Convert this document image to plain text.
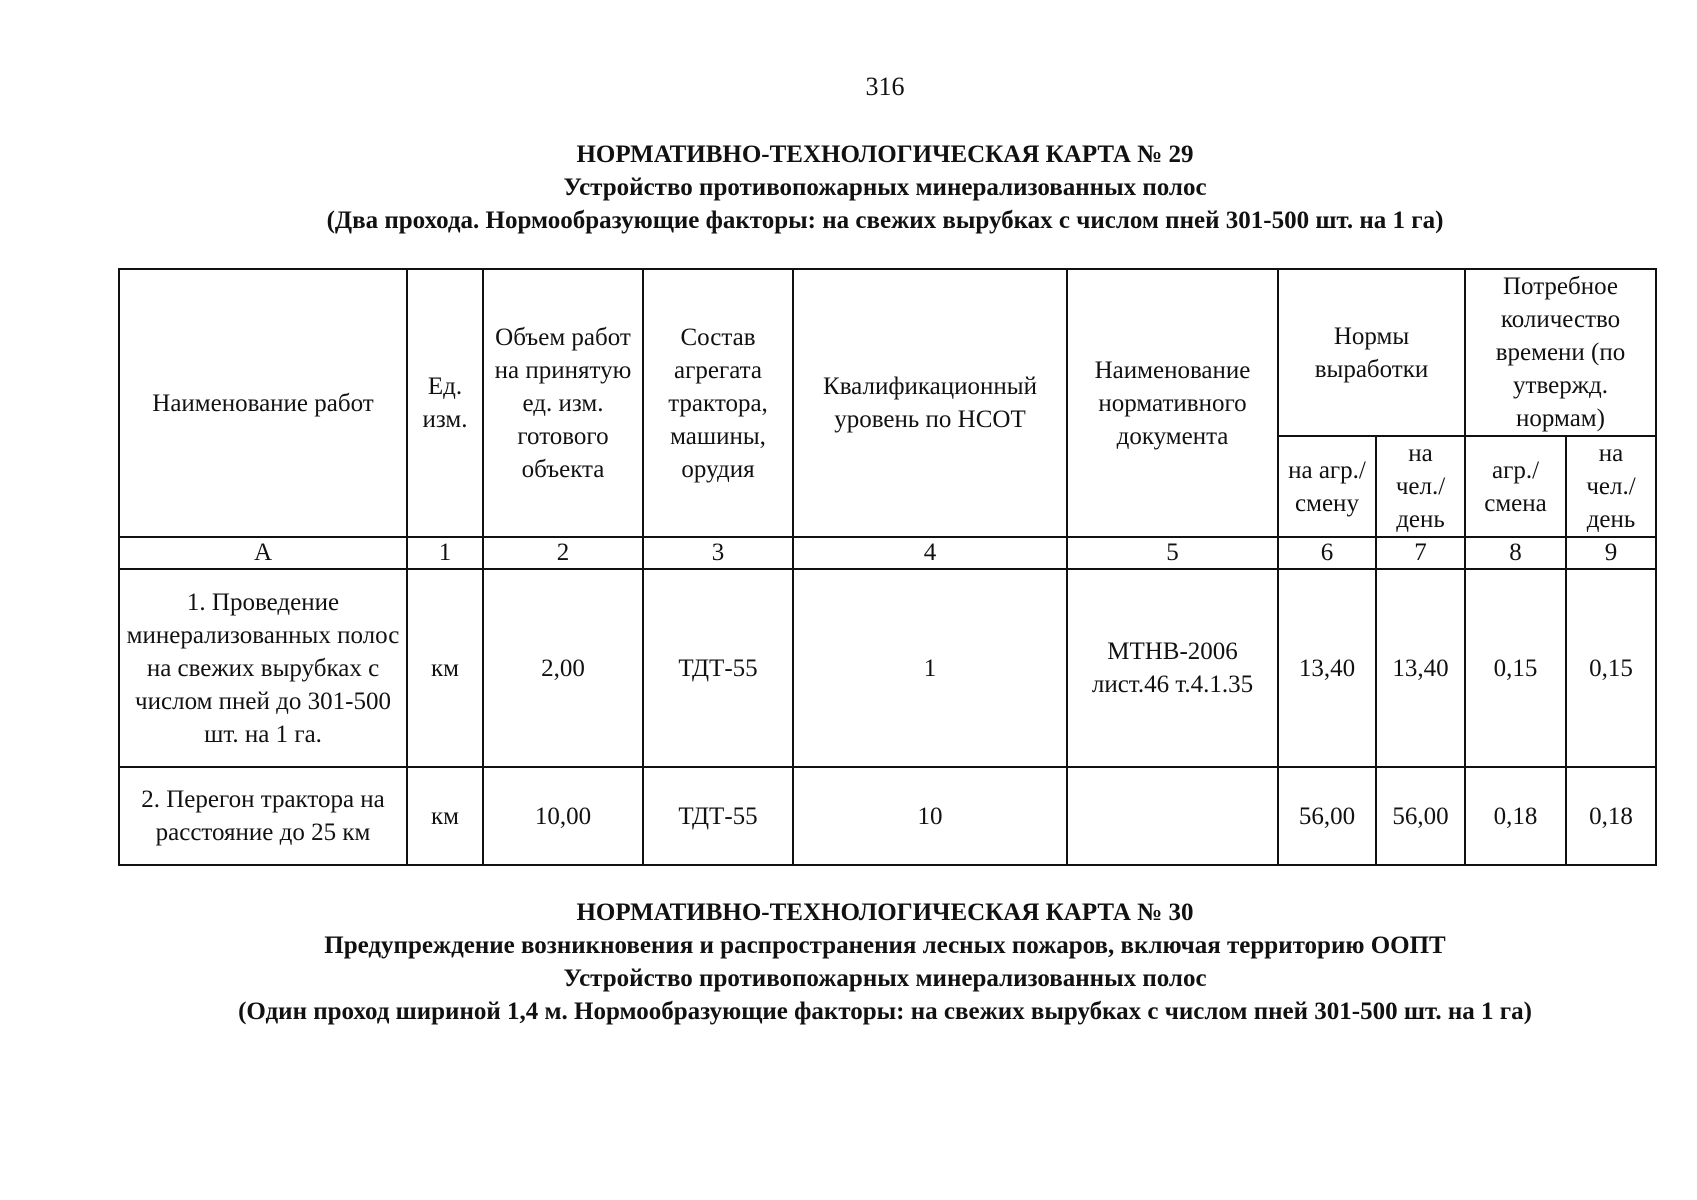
316
НОРМАТИВНО-ТЕХНОЛОГИЧЕСКАЯ КАРТА № 29
Устройство противопожарных минерализованных полос
(Два прохода. Нормообразующие факторы: на свежих вырубках с числом пней 301-500 шт. на 1 га)
Наименование работ	Ед. изм.	Объем работ на принятую ед. изм. готового объекта	Состав агрегата трактора, машины, орудия	Квалификационный уровень по НСОТ	Наименование нормативного документа	Нормы выработки		Потребное количество времени (по утвержд. нормам)	
						на агр./ смену	на чел./ день	агр./ смена	на чел./ день
А	1	2	3	4	5	6	7	8	9
1. Проведение минерализованных полос на свежих вырубках с числом пней до 301-500 шт. на 1 га.	км	2,00	ТДТ-55	1	МТНВ-2006 лист.46 т.4.1.35	13,40	13,40	0,15	0,15
2. Перегон трактора на расстояние до 25 км	км	10,00	ТДТ-55	10		56,00	56,00	0,18	0,18
НОРМАТИВНО-ТЕХНОЛОГИЧЕСКАЯ КАРТА № 30
Предупреждение возникновения и распространения лесных пожаров, включая территорию ООПТ
Устройство противопожарных минерализованных полос
(Один проход шириной 1,4 м. Нормообразующие факторы: на свежих вырубках с числом пней 301-500 шт. на 1 га)
